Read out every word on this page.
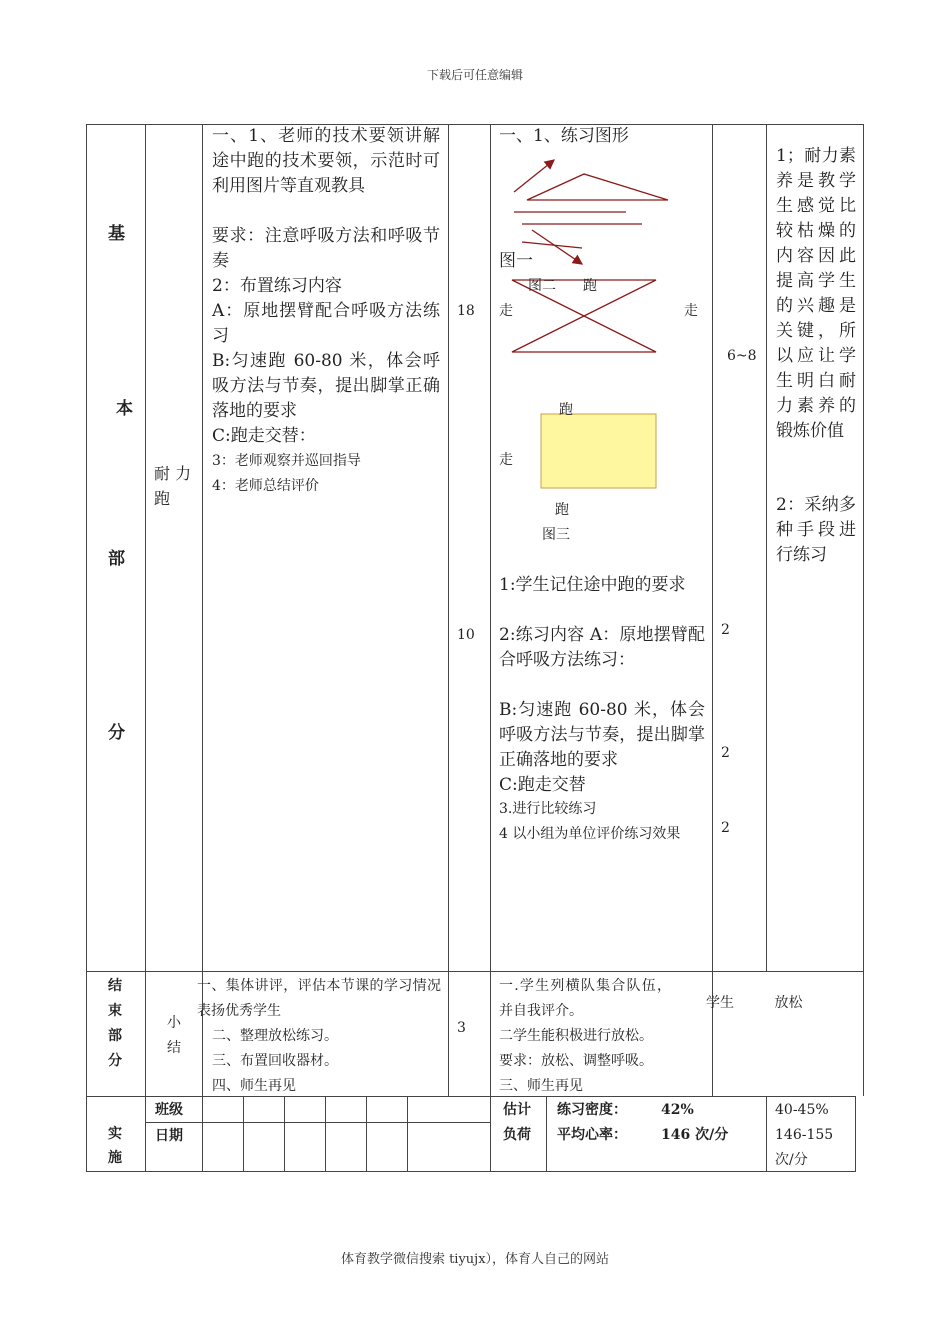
下载后可任意编辑
体育教学微信搜索 tiyujx），体育人自己的网站
基
本
部
分
耐 力 跑
一、1、老师的技术要领讲解途中跑的技术要领，示范时可利用图片等直观教具
要求：注意呼吸方法和呼吸节奏
2：布置练习内容
A：原地摆臂配合呼吸方法练习
B:匀速跑 60-80 米，体会呼吸方法与节奏，提出脚掌正确落地的要求
C:跑走交替：
3：老师观察并巡回指导
4：老师总结评价
18
10
一、1、练习图形
图一
图二 跑
走	走
跑
走
跑
图三
1:学生记住途中跑的要求
2:练习内容 A：原地摆臂配合呼吸方法练习：
B:匀速跑 60-80 米，体会呼吸方法与节奏，提出脚掌正确落地的要求
C:跑走交替
3.进行比较练习
4 以小组为单位评价练习效果
6~8
2
2
2
1；耐力素养是教学生感觉比较枯燥的内容因此提高学生的兴趣是关键，所以应让学生明白耐力素养的锻炼价值
2：采纳多种手段进行练习
结
束
部
分
小
结
一、集体讲评，评估本节课的学习情况 表扬优秀学生
二、整理放松练习。
三、布置回收器材。
四、师生再见
3
一.学生列横队集合队伍，并自我评介。
二学生能积极进行放松。
要求：放松、调整呼吸。
三、师生再见
学生 放松
实
施
班级
日期
估计
负荷
练习密度： 42%
平均心率： 146 次/分
40-45%
146-155 次/分
